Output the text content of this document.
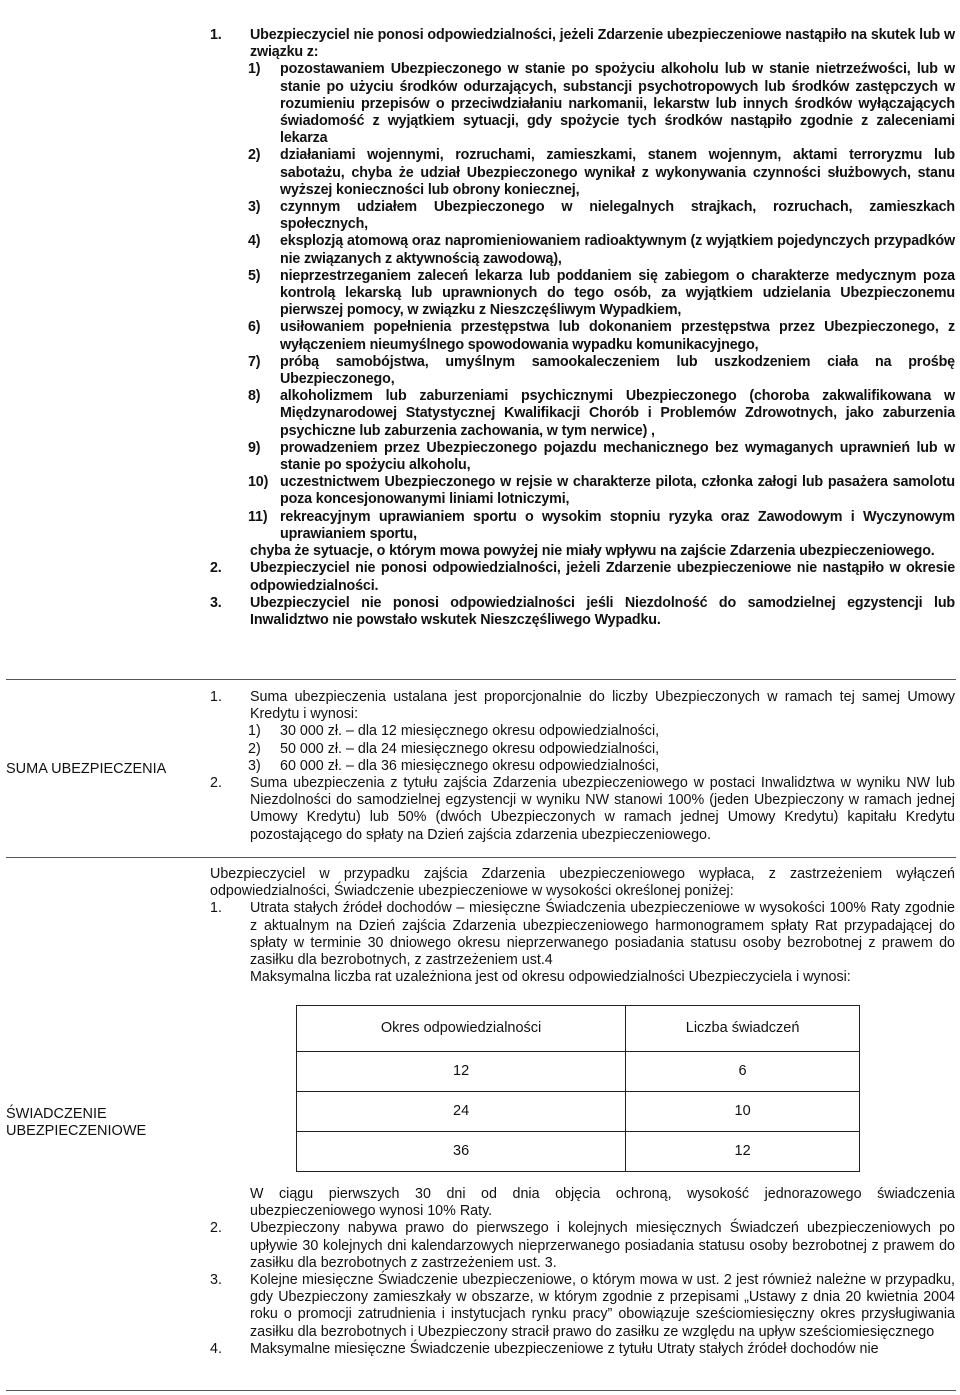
1. Ubezpieczyciel nie ponosi odpowiedzialności, jeżeli Zdarzenie ubezpieczeniowe nastąpiło na skutek lub w związku z:
1) pozostawaniem Ubezpieczonego w stanie po spożyciu alkoholu lub w stanie nietrzeźwości, lub w stanie po użyciu środków odurzających, substancji psychotropowych lub środków zastępczych w rozumieniu przepisów o przeciwdziałaniu narkomanii, lekarstw lub innych środków wyłączających świadomość z wyjątkiem sytuacji, gdy spożycie tych środków nastąpiło zgodnie z zaleceniami lekarza
2) działaniami wojennymi, rozruchami, zamieszkami, stanem wojennym, aktami terroryzmu lub sabotażu, chyba że udział Ubezpieczonego wynikał z wykonywania czynności służbowych, stanu wyższej konieczności lub obrony koniecznej,
3) czynnym udziałem Ubezpieczonego w nielegalnych strajkach, rozruchach, zamieszkach społecznych,
4) eksplozją atomową oraz napromieniowaniem radioaktywnym (z wyjątkiem pojedynczych przypadków nie związanych z aktywnością zawodową),
5) nieprzestrzeganiem zaleceń lekarza lub poddaniem się zabiegom o charakterze medycznym poza kontrolą lekarską lub uprawnionych do tego osób, za wyjątkiem udzielania Ubezpieczonemu pierwszej pomocy, w związku z Nieszczęśliwym Wypadkiem,
6) usiłowaniem popełnienia przestępstwa lub dokonaniem przestępstwa przez Ubezpieczonego, z wyłączeniem nieumyślnego spowodowania wypadku komunikacyjnego,
7) próbą samobójstwa, umyślnym samookaleczeniem lub uszkodzeniem ciała na prośbę Ubezpieczonego,
8) alkoholizmem lub zaburzeniami psychicznymi Ubezpieczonego (choroba zakwalifikowana w Międzynarodowej Statystycznej Kwalifikacji Chorób i Problemów Zdrowotnych, jako zaburzenia psychiczne lub zaburzenia zachowania, w tym nerwice) ,
9) prowadzeniem przez Ubezpieczonego pojazdu mechanicznego bez wymaganych uprawnień lub w stanie po spożyciu alkoholu,
10) uczestnictwem Ubezpieczonego w rejsie w charakterze pilota, członka załogi lub pasażera samolotu poza koncesjonowanymi liniami lotniczymi,
11) rekreacyjnym uprawianiem sportu o wysokim stopniu ryzyka oraz Zawodowym i Wyczynowym uprawianiem sportu,
chyba że sytuacje, o którym mowa powyżej nie miały wpływu na zajście Zdarzenia ubezpieczeniowego.
2. Ubezpieczyciel nie ponosi odpowiedzialności, jeżeli Zdarzenie ubezpieczeniowe nie nastąpiło w okresie odpowiedzialności.
3. Ubezpieczyciel nie ponosi odpowiedzialności jeśli Niezdolność do samodzielnej egzystencji lub Inwalidztwo nie powstało wskutek Nieszczęśliwego Wypadku.
SUMA UBEZPIECZENIA
1. Suma ubezpieczenia ustalana jest proporcjonalnie do liczby Ubezpieczonych w ramach tej samej Umowy Kredytu i wynosi:
1) 30 000 zł. – dla 12 miesięcznego okresu odpowiedzialności,
2) 50 000 zł. – dla 24 miesięcznego okresu odpowiedzialności,
3) 60 000 zł. – dla 36 miesięcznego okresu odpowiedzialności,
2. Suma ubezpieczenia z tytułu zajścia Zdarzenia ubezpieczeniowego w postaci Inwalidztwa w wyniku NW lub Niezdolności do samodzielnej egzystencji w wyniku NW stanowi 100% (jeden Ubezpieczony w ramach jednej Umowy Kredytu) lub 50% (dwóch Ubezpieczonych w ramach jednej Umowy Kredytu) kapitału Kredytu pozostającego do spłaty na Dzień zajścia zdarzenia ubezpieczeniowego.
ŚWIADCZENIE
UBEZPIECZENIOWE
Ubezpieczyciel w przypadku zajścia Zdarzenia ubezpieczeniowego wypłaca, z zastrzeżeniem wyłączeń odpowiedzialności, Świadczenie ubezpieczeniowe w wysokości określonej poniżej:
1. Utrata stałych źródeł dochodów – miesięczne Świadczenia ubezpieczeniowe w wysokości 100% Raty zgodnie z aktualnym na Dzień zajścia Zdarzenia ubezpieczeniowego harmonogramem spłaty Rat przypadającej do spłaty w terminie 30 dniowego okresu nieprzerwanego posiadania statusu osoby bezrobotnej z prawem do zasiłku dla bezrobotnych, z zastrzeżeniem ust.4
Maksymalna liczba rat uzależniona jest od okresu odpowiedzialności Ubezpieczyciela i wynosi:
Okres odpowiedzialności	Liczba świadczeń
12	6
24	10
36	12
W ciągu pierwszych 30 dni od dnia objęcia ochroną, wysokość jednorazowego świadczenia ubezpieczeniowego wynosi 10% Raty.
2. Ubezpieczony nabywa prawo do pierwszego i kolejnych miesięcznych Świadczeń ubezpieczeniowych po upływie 30 kolejnych dni kalendarzowych nieprzerwanego posiadania statusu osoby bezrobotnej z prawem do zasiłku dla bezrobotnych z zastrzeżeniem ust. 3.
3. Kolejne miesięczne Świadczenie ubezpieczeniowe, o którym mowa w ust. 2 jest również należne w przypadku, gdy Ubezpieczony zamieszkały w obszarze, w którym zgodnie z przepisami „Ustawy z dnia 20 kwietnia 2004 roku o promocji zatrudnienia i instytucjach rynku pracy” obowiązuje sześciomiesięczny okres przysługiwania zasiłku dla bezrobotnych i Ubezpieczony stracił prawo do zasiłku ze względu na upływ sześciomiesięcznego
4. Maksymalne miesięczne Świadczenie ubezpieczeniowe z tytułu Utraty stałych źródeł dochodów nie
